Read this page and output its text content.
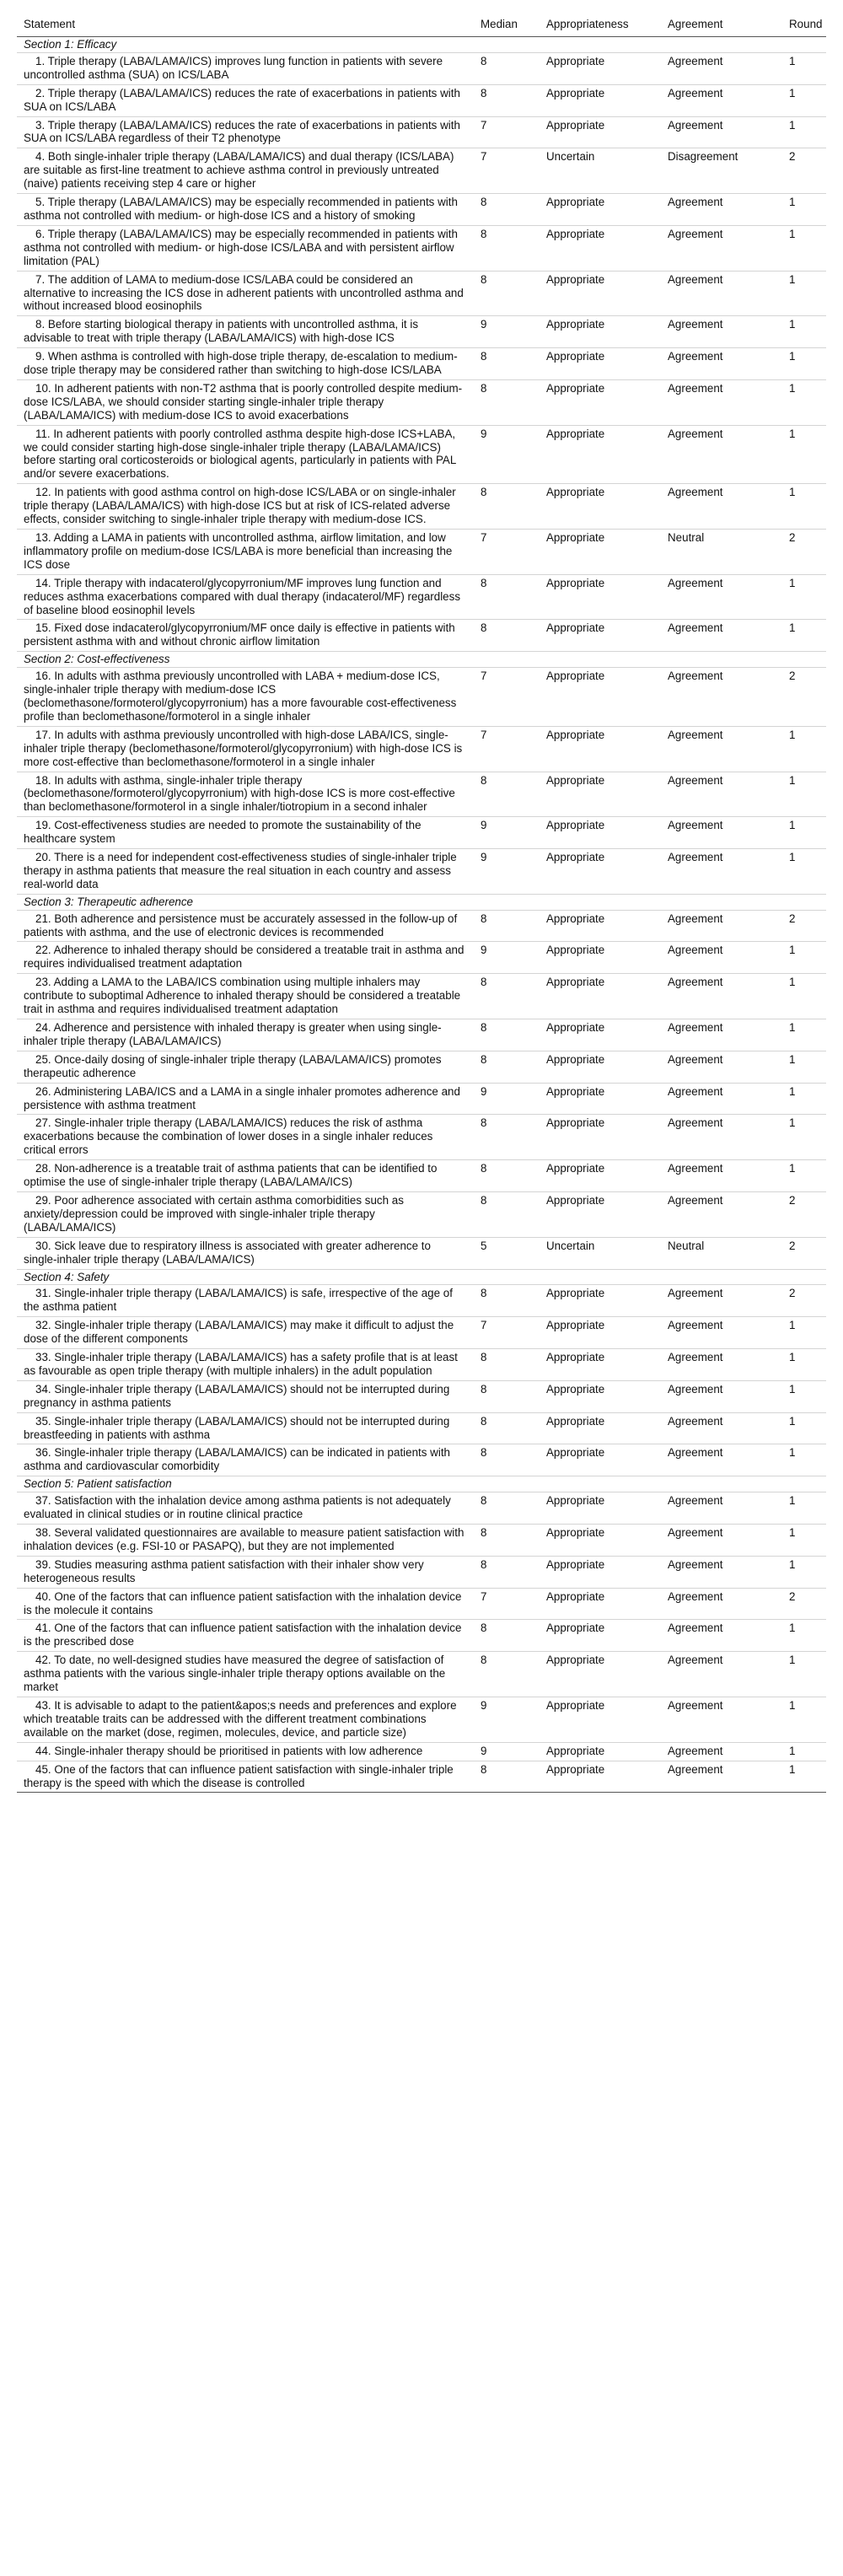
Statement	Median	Appropriateness	Agreement	Round
Section 1: Efficacy				

1. Triple therapy (LABA/LAMA/ICS) improves lung function in patients with severe uncontrolled asthma (SUA) on ICS/LABA	8	Appropriate	Agreement	1

2. Triple therapy (LABA/LAMA/ICS) reduces the rate of exacerbations in patients with SUA on ICS/LABA	8	Appropriate	Agreement	1

3. Triple therapy (LABA/LAMA/ICS) reduces the rate of exacerbations in patients with SUA on ICS/LABA regardless of their T2 phenotype	7	Appropriate	Agreement	1

4. Both single-inhaler triple therapy (LABA/LAMA/ICS) and dual therapy (ICS/LABA) are suitable as first-line treatment to achieve asthma control in previously untreated (naive) patients receiving step 4 care or higher	7	Uncertain	Disagreement	2

5. Triple therapy (LABA/LAMA/ICS) may be especially recommended in patients with asthma not controlled with medium- or high-dose ICS and a history of smoking	8	Appropriate	Agreement	1

6. Triple therapy (LABA/LAMA/ICS) may be especially recommended in patients with asthma not controlled with medium- or high-dose ICS/LABA and with persistent airflow limitation (PAL)	8	Appropriate	Agreement	1

7. The addition of LAMA to medium-dose ICS/LABA could be considered an alternative to increasing the ICS dose in adherent patients with uncontrolled asthma and without increased blood eosinophils	8	Appropriate	Agreement	1

8. Before starting biological therapy in patients with uncontrolled asthma, it is advisable to treat with triple therapy (LABA/LAMA/ICS) with high-dose ICS	9	Appropriate	Agreement	1

9. When asthma is controlled with high-dose triple therapy, de-escalation to medium-dose triple therapy may be considered rather than switching to high-dose ICS/LABA	8	Appropriate	Agreement	1

10. In adherent patients with non-T2 asthma that is poorly controlled despite medium-dose ICS/LABA, we should consider starting single-inhaler triple therapy (LABA/LAMA/ICS) with medium-dose ICS to avoid exacerbations	8	Appropriate	Agreement	1

11. In adherent patients with poorly controlled asthma despite high-dose ICS+LABA, we could consider starting high-dose single-inhaler triple therapy (LABA/LAMA/ICS) before starting oral corticosteroids or biological agents, particularly in patients with PAL and/or severe exacerbations.	9	Appropriate	Agreement	1

12. In patients with good asthma control on high-dose ICS/LABA or on single-inhaler triple therapy (LABA/LAMA/ICS) with high-dose ICS but at risk of ICS-related adverse effects, consider switching to single-inhaler triple therapy with medium-dose ICS.	8	Appropriate	Agreement	1

13. Adding a LAMA in patients with uncontrolled asthma, airflow limitation, and low inflammatory profile on medium-dose ICS/LABA is more beneficial than increasing the ICS dose	7	Appropriate	Neutral	2

14. Triple therapy with indacaterol/glycopyrronium/MF improves lung function and reduces asthma exacerbations compared with dual therapy (indacaterol/MF) regardless of baseline blood eosinophil levels	8	Appropriate	Agreement	1

15. Fixed dose indacaterol/glycopyrronium/MF once daily is effective in patients with persistent asthma with and without chronic airflow limitation	8	Appropriate	Agreement	1
Section 2: Cost-effectiveness				

16. In adults with asthma previously uncontrolled with LABA + medium-dose ICS, single-inhaler triple therapy with medium-dose ICS (beclomethasone/formoterol/glycopyrronium) has a more favourable cost-effectiveness profile than beclomethasone/formoterol in a single inhaler	7	Appropriate	Agreement	2

17. In adults with asthma previously uncontrolled with high-dose LABA/ICS, single-inhaler triple therapy (beclomethasone/formoterol/glycopyrronium) with high-dose ICS is more cost-effective than beclomethasone/formoterol in a single inhaler	7	Appropriate	Agreement	1

18. In adults with asthma, single-inhaler triple therapy (beclomethasone/formoterol/glycopyrronium) with high-dose ICS is more cost-effective than beclomethasone/formoterol in a single inhaler/tiotropium in a second inhaler	8	Appropriate	Agreement	1

19. Cost-effectiveness studies are needed to promote the sustainability of the healthcare system	9	Appropriate	Agreement	1

20. There is a need for independent cost-effectiveness studies of single-inhaler triple therapy in asthma patients that measure the real situation in each country and assess real-world data	9	Appropriate	Agreement	1
Section 3: Therapeutic adherence				

21. Both adherence and persistence must be accurately assessed in the follow-up of patients with asthma, and the use of electronic devices is recommended	8	Appropriate	Agreement	2

22. Adherence to inhaled therapy should be considered a treatable trait in asthma and requires individualised treatment adaptation	9	Appropriate	Agreement	1

23. Adding a LAMA to the LABA/ICS combination using multiple inhalers may contribute to suboptimal Adherence to inhaled therapy should be considered a treatable trait in asthma and requires individualised treatment adaptation	8	Appropriate	Agreement	1

24. Adherence and persistence with inhaled therapy is greater when using single-inhaler triple therapy (LABA/LAMA/ICS)	8	Appropriate	Agreement	1

25. Once-daily dosing of single-inhaler triple therapy (LABA/LAMA/ICS) promotes therapeutic adherence	8	Appropriate	Agreement	1

26. Administering LABA/ICS and a LAMA in a single inhaler promotes adherence and persistence with asthma treatment	9	Appropriate	Agreement	1

27. Single-inhaler triple therapy (LABA/LAMA/ICS) reduces the risk of asthma exacerbations because the combination of lower doses in a single inhaler reduces critical errors	8	Appropriate	Agreement	1

28. Non-adherence is a treatable trait of asthma patients that can be identified to optimise the use of single-inhaler triple therapy (LABA/LAMA/ICS)	8	Appropriate	Agreement	1

29. Poor adherence associated with certain asthma comorbidities such as anxiety/depression could be improved with single-inhaler triple therapy (LABA/LAMA/ICS)	8	Appropriate	Agreement	2

30. Sick leave due to respiratory illness is associated with greater adherence to single-inhaler triple therapy (LABA/LAMA/ICS)	5	Uncertain	Neutral	2
Section 4: Safety				

31. Single-inhaler triple therapy (LABA/LAMA/ICS) is safe, irrespective of the age of the asthma patient	8	Appropriate	Agreement	2

32. Single-inhaler triple therapy (LABA/LAMA/ICS) may make it difficult to adjust the dose of the different components	7	Appropriate	Agreement	1

33. Single-inhaler triple therapy (LABA/LAMA/ICS) has a safety profile that is at least as favourable as open triple therapy (with multiple inhalers) in the adult population	8	Appropriate	Agreement	1

34. Single-inhaler triple therapy (LABA/LAMA/ICS) should not be interrupted during pregnancy in asthma patients	8	Appropriate	Agreement	1

35. Single-inhaler triple therapy (LABA/LAMA/ICS) should not be interrupted during breastfeeding in patients with asthma	8	Appropriate	Agreement	1

36. Single-inhaler triple therapy (LABA/LAMA/ICS) can be indicated in patients with asthma and cardiovascular comorbidity	8	Appropriate	Agreement	1
Section 5: Patient satisfaction				

37. Satisfaction with the inhalation device among asthma patients is not adequately evaluated in clinical studies or in routine clinical practice	8	Appropriate	Agreement	1

38. Several validated questionnaires are available to measure patient satisfaction with inhalation devices (e.g. FSI-10 or PASAPQ), but they are not implemented	8	Appropriate	Agreement	1

39. Studies measuring asthma patient satisfaction with their inhaler show very heterogeneous results	8	Appropriate	Agreement	1

40. One of the factors that can influence patient satisfaction with the inhalation device is the molecule it contains	7	Appropriate	Agreement	2

41. One of the factors that can influence patient satisfaction with the inhalation device is the prescribed dose	8	Appropriate	Agreement	1

42. To date, no well-designed studies have measured the degree of satisfaction of asthma patients with the various single-inhaler triple therapy options available on the market	8	Appropriate	Agreement	1

43. It is advisable to adapt to the patient&apos;s needs and preferences and explore which treatable traits can be addressed with the different treatment combinations available on the market (dose, regimen, molecules, device, and particle size)	9	Appropriate	Agreement	1

44. Single-inhaler therapy should be prioritised in patients with low adherence	9	Appropriate	Agreement	1

45. One of the factors that can influence patient satisfaction with single-inhaler triple therapy is the speed with which the disease is controlled	8	Appropriate	Agreement	1
